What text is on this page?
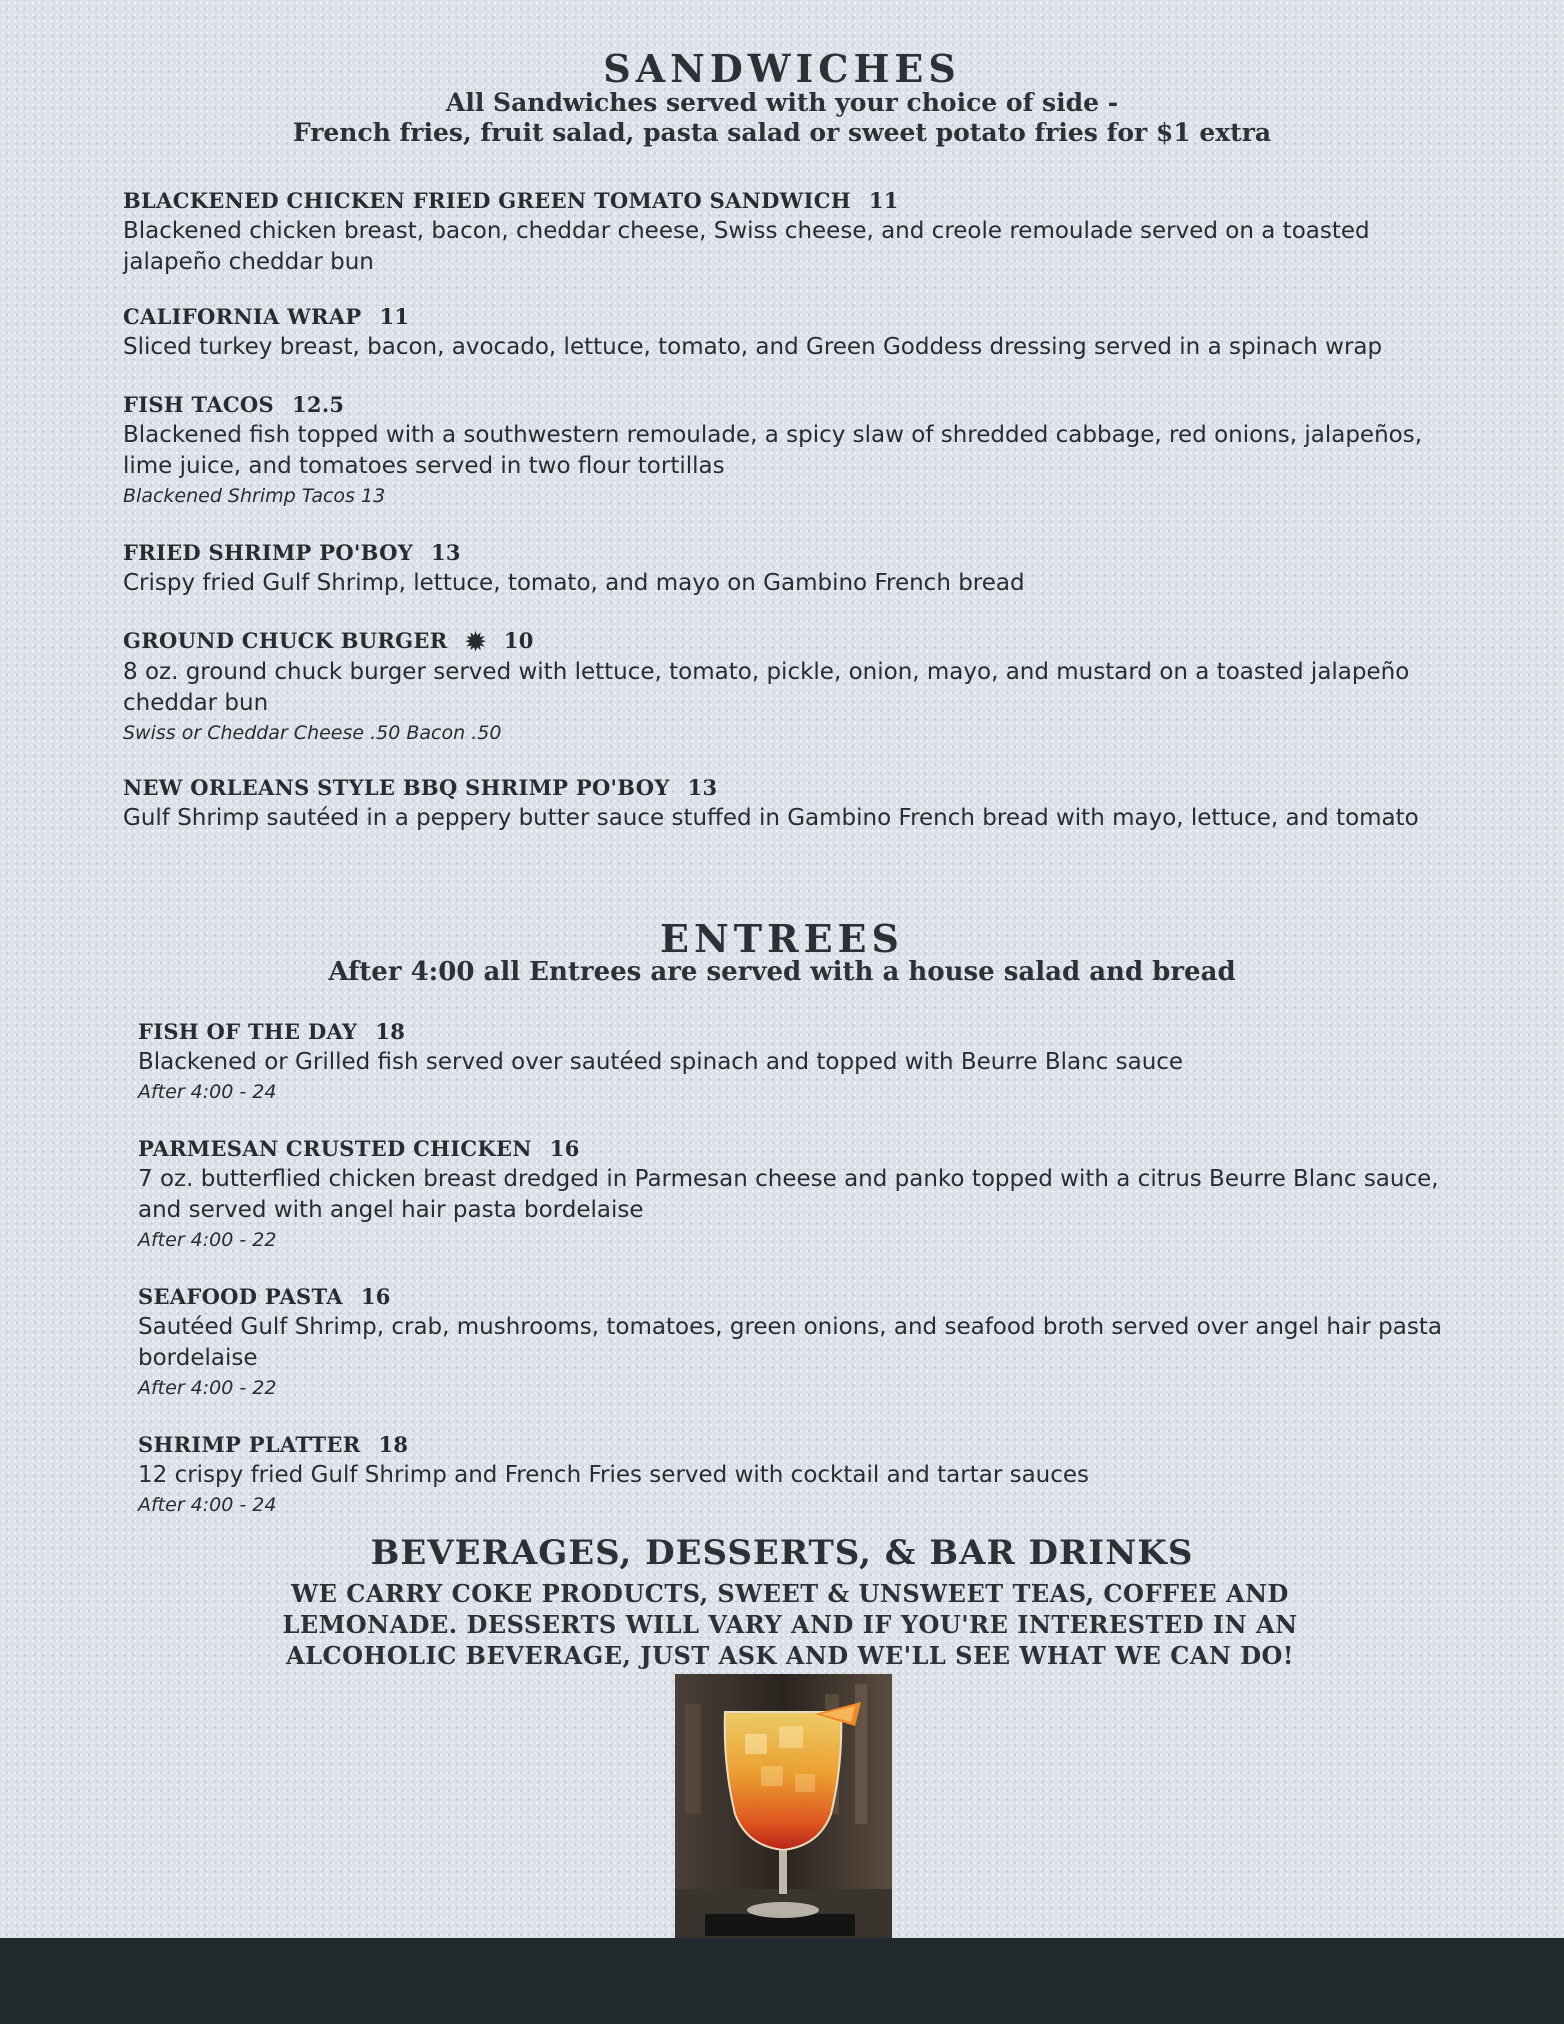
SANDWICHES
All Sandwiches served with your choice of side -
French fries, fruit salad, pasta salad or sweet potato fries for $1 extra
BLACKENED CHICKEN FRIED GREEN TOMATO SANDWICH 11
Blackened chicken breast, bacon, cheddar cheese, Swiss cheese, and creole remoulade served on a toasted jalapeño cheddar bun
CALIFORNIA WRAP 11
Sliced turkey breast, bacon, avocado, lettuce, tomato, and Green Goddess dressing served in a spinach wrap
FISH TACOS 12.5
Blackened fish topped with a southwestern remoulade, a spicy slaw of shredded cabbage, red onions, jalapeños, lime juice, and tomatoes served in two flour tortillas
Blackened Shrimp Tacos 13
FRIED SHRIMP PO'BOY 13
Crispy fried Gulf Shrimp, lettuce, tomato, and mayo on Gambino French bread
GROUND CHUCK BURGER ✹ 10
8 oz. ground chuck burger served with lettuce, tomato, pickle, onion, mayo, and mustard on a toasted jalapeño cheddar bun
Swiss or Cheddar Cheese .50 Bacon .50
NEW ORLEANS STYLE BBQ SHRIMP PO'BOY 13
Gulf Shrimp sautéed in a peppery butter sauce stuffed in Gambino French bread with mayo, lettuce, and tomato
ENTREES
After 4:00 all Entrees are served with a house salad and bread
FISH OF THE DAY 18
Blackened or Grilled fish served over sautéed spinach and topped with Beurre Blanc sauce
After 4:00 - 24
PARMESAN CRUSTED CHICKEN 16
7 oz. butterflied chicken breast dredged in Parmesan cheese and panko topped with a citrus Beurre Blanc sauce, and served with angel hair pasta bordelaise
After 4:00 - 22
SEAFOOD PASTA 16
Sautéed Gulf Shrimp, crab, mushrooms, tomatoes, green onions, and seafood broth served over angel hair pasta bordelaise
After 4:00 - 22
SHRIMP PLATTER 18
12 crispy fried Gulf Shrimp and French Fries served with cocktail and tartar sauces
After 4:00 - 24
BEVERAGES, DESSERTS, & BAR DRINKS
WE CARRY COKE PRODUCTS, SWEET & UNSWEET TEAS, COFFEE AND
LEMONADE. DESSERTS WILL VARY AND IF YOU'RE INTERESTED IN AN
ALCOHOLIC BEVERAGE, JUST ASK AND WE'LL SEE WHAT WE CAN DO!
